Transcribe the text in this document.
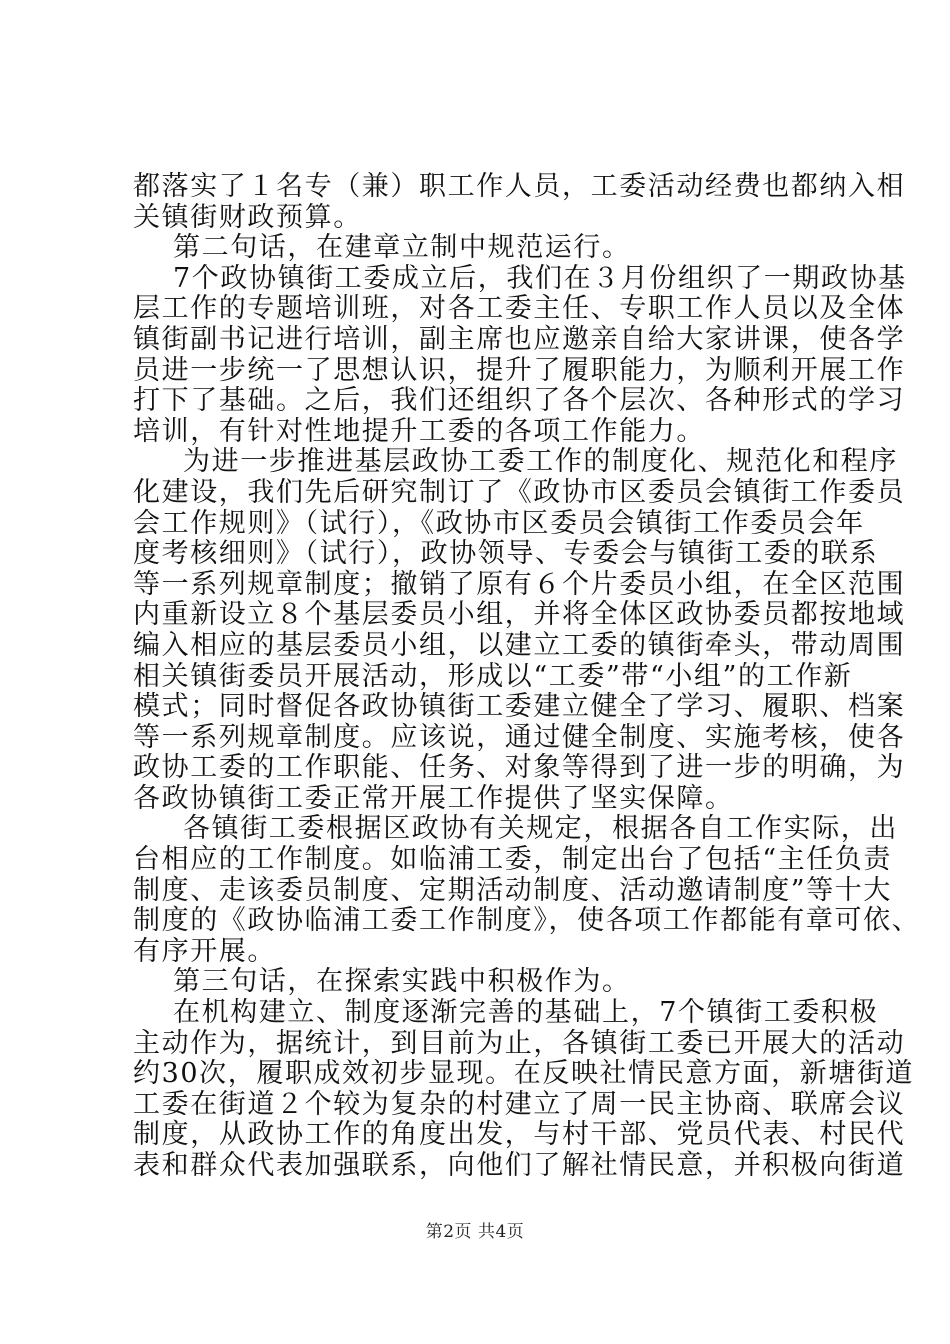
都落实了１名专（兼）职工作人员，工委活动经费也都纳入相
关镇街财政预算。
第二句话，在建章立制中规范运行。
7个政协镇街工委成立后，我们在３月份组织了一期政协基
层工作的专题培训班，对各工委主任、专职工作人员以及全体
镇街副书记进行培训，副主席也应邀亲自给大家讲课，使各学
员进一步统一了思想认识，提升了履职能力，为顺利开展工作
打下了基础。之后，我们还组织了各个层次、各种形式的学习
培训，有针对性地提升工委的各项工作能力。
为进一步推进基层政协工委工作的制度化、规范化和程序
化建设，我们先后研究制订了《政协市区委员会镇街工作委员
会工作规则》（试行），《政协市区委员会镇街工作委员会年
度考核细则》（试行），政协领导、专委会与镇街工委的联系
等一系列规章制度；撤销了原有６个片委员小组，在全区范围
内重新设立８个基层委员小组，并将全体区政协委员都按地域
编入相应的基层委员小组，以建立工委的镇街牵头，带动周围
相关镇街委员开展活动，形成以“工委”带“小组”的工作新
模式；同时督促各政协镇街工委建立健全了学习、履职、档案
等一系列规章制度。应该说，通过健全制度、实施考核，使各
政协工委的工作职能、任务、对象等得到了进一步的明确，为
各政协镇街工委正常开展工作提供了坚实保障。
各镇街工委根据区政协有关规定，根据各自工作实际，出
台相应的工作制度。如临浦工委，制定出台了包括“主任负责
制度、走该委员制度、定期活动制度、活动邀请制度”等十大
制度的《政协临浦工委工作制度》，使各项工作都能有章可依、
有序开展。
第三句话，在探索实践中积极作为。
在机构建立、制度逐渐完善的基础上，7个镇街工委积极
主动作为，据统计，到目前为止，各镇街工委已开展大的活动
约30次，履职成效初步显现。在反映社情民意方面，新塘街道
工委在街道２个较为复杂的村建立了周一民主协商、联席会议
制度，从政协工作的角度出发，与村干部、党员代表、村民代
表和群众代表加强联系，向他们了解社情民意，并积极向街道
第2页 共4页
